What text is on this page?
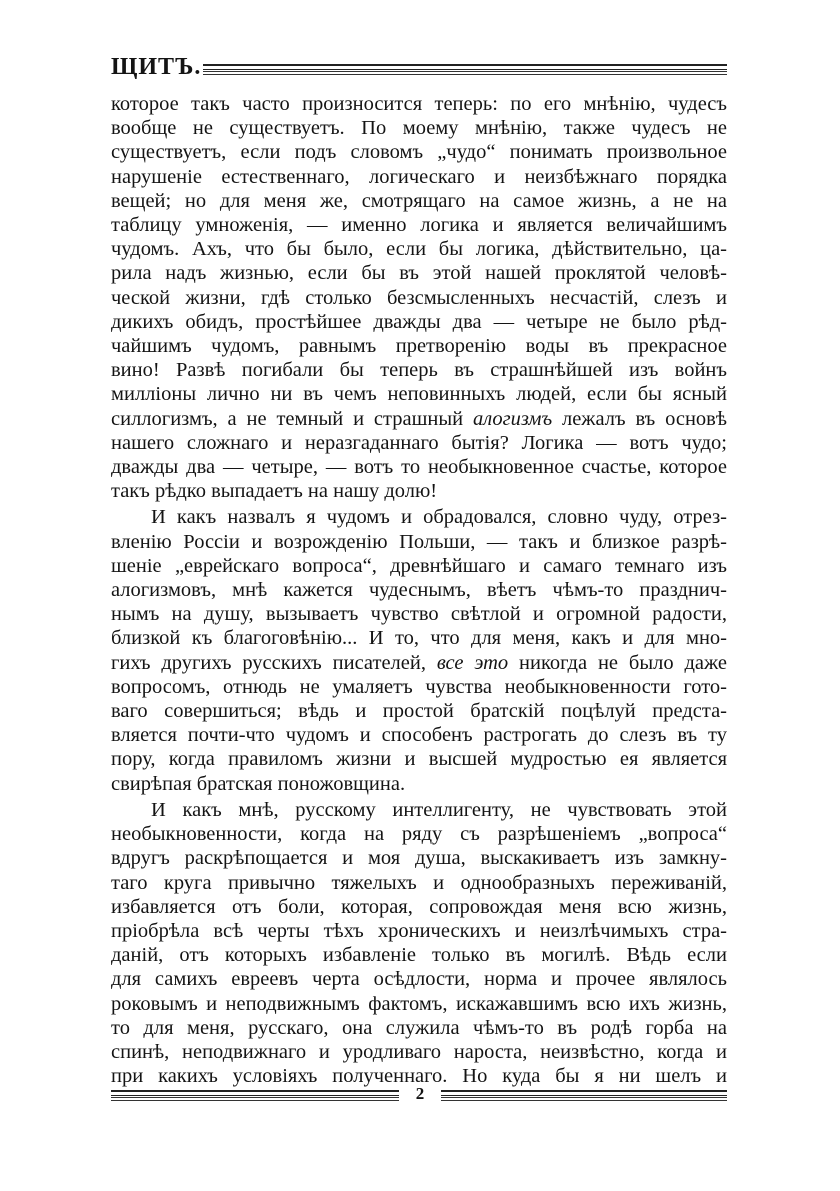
ЩИТЪ.
которое такъ часто произносится теперь: по его мнѣнію, чудесъ
вообще не существуетъ. По моему мнѣнію, также чудесъ не
существуетъ, если подъ словомъ „чудо“ понимать произвольное
нарушеніе естественнаго, логическаго и неизбѣжнаго порядка
вещей; но для меня же, смотрящаго на самое жизнь, а не на
таблицу умноженія, — именно логика и является величайшимъ
чудомъ. Ахъ, что бы было, если бы логика, дѣйствительно, ца-
рила надъ жизнью, если бы въ этой нашей проклятой человѣ-
ческой жизни, гдѣ столько безсмысленныхъ несчастій, слезъ и
дикихъ обидъ, простѣйшее дважды два — четыре не было рѣд-
чайшимъ чудомъ, равнымъ претворенію воды въ прекрасное
вино! Развѣ погибали бы теперь въ страшнѣйшей изъ войнъ
милліоны лично ни въ чемъ неповинныхъ людей, если бы ясный
силлогизмъ, а не темный и страшный алогизмъ лежалъ въ основѣ
нашего сложнаго и неразгаданнаго бытія? Логика — вотъ чудо;
дважды два — четыре, — вотъ то необыкновенное счастье, которое
такъ рѣдко выпадаетъ на нашу долю!
И какъ назвалъ я чудомъ и обрадовался, словно чуду, отрез-
вленію Россіи и возрожденію Польши, — такъ и близкое разрѣ-
шеніе „еврейскаго вопроса“, древнѣйшаго и самаго темнаго изъ
алогизмовъ, мнѣ кажется чудеснымъ, вѣетъ чѣмъ-то празднич-
нымъ на душу, вызываетъ чувство свѣтлой и огромной радости,
близкой къ благоговѣнію... И то, что для меня, какъ и для мно-
гихъ другихъ русскихъ писателей, все это никогда не было даже
вопросомъ, отнюдь не умаляетъ чувства необыкновенности гото-
ваго совершиться; вѣдь и простой братскій поцѣлуй предста-
вляется почти-что чудомъ и способенъ растрогать до слезъ въ ту
пору, когда правиломъ жизни и высшей мудростью ея является
свирѣпая братская поножовщина.
И какъ мнѣ, русскому интеллигенту, не чувствовать этой
необыкновенности, когда на ряду съ разрѣшеніемъ „вопроса“
вдругъ раскрѣпощается и моя душа, выскакиваетъ изъ замкну-
таго круга привычно тяжелыхъ и однообразныхъ переживаній,
избавляется отъ боли, которая, сопровождая меня всю жизнь,
пріобрѣла всѣ черты тѣхъ хроническихъ и неизлѣчимыхъ стра-
даній, отъ которыхъ избавленіе только въ могилѣ. Вѣдь если
для самихъ евреевъ черта осѣдлости, норма и прочее являлось
роковымъ и неподвижнымъ фактомъ, искажавшимъ всю ихъ жизнь,
то для меня, русскаго, она служила чѣмъ-то въ родѣ горба на
спинѣ, неподвижнаго и уродливаго нароста, неизвѣстно, когда и
при какихъ условіяхъ полученнаго. Но куда бы я ни шелъ и
2
